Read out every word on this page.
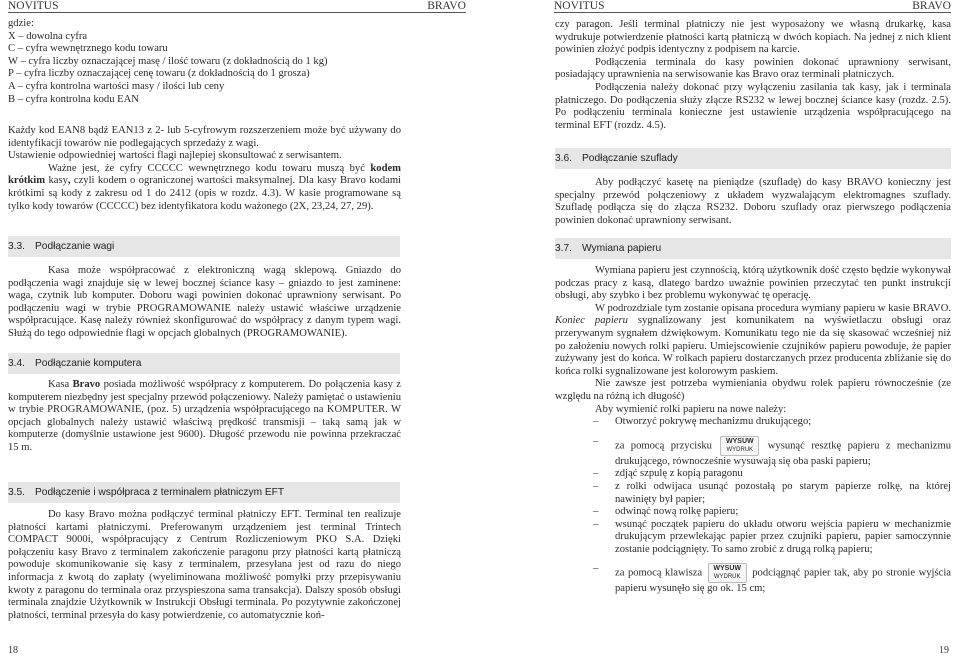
NOVITUS	BRAVO

gdzie:

X – dowolna cyfra

C – cyfra wewnętrznego kodu towaru

W – cyfra liczby oznaczającej masę / ilość towaru (z dokładnością do 1 kg)

P – cyfra liczby oznaczającej cenę towaru (z dokładnością do 1 grosza)

A – cyfra kontrolna wartości masy / ilości lub ceny

B – cyfra kontrolna kodu EAN

Każdy kod EAN8 bądź EAN13 z 2- lub 5-cyfrowym rozszerzeniem może być używany do identyfikacji towarów nie podlegających sprzedaży z wagi.

Ustawienie odpowiedniej wartości flagi najlepiej skonsultować z serwisantem.

Ważne jest, że cyfry CCCCC wewnętrznego kodu towaru muszą być kodem krótkim kasy, czyli kodem o ograniczonej wartości maksymalnej. Dla kasy Bravo kodami krótkimi są kody z zakresu od 1 do 2412 (opis w rozdz. 4.3). W kasie programowane są tylko kody towarów (CCCCC) bez identyfikatora kodu ważonego (2X, 23,24, 27, 29).

3.3. Podłączanie wagi

Kasa może współpracować z elektroniczną wagą sklepową. Gniazdo do podłączenia wagi znajduje się w lewej bocznej ściance kasy – gniazdo to jest zaminene: waga, czytnik lub komputer. Doboru wagi powinien dokonać uprawniony serwisant. Po podłączeniu wagi w trybie PROGRAMOWANIE należy ustawić właściwe urządzenie współpracujące. Kasę należy również skonfigurować do współpracy z danym typem wagi. Służą do tego odpowiednie flagi w opcjach globalnych (PROGRAMOWANIE).

3.4. Podłączanie komputera

Kasa Bravo posiada możliwość współpracy z komputerem. Do połączenia kasy z komputerem niezbędny jest specjalny przewód połączeniowy. Należy pamiętać o ustawieniu w trybie PROGRAMOWANIE, (poz. 5) urządzenia współpracującego na KOMPUTER. W opcjach globalnych należy ustawić właściwą prędkość transmisji – taką samą jak w komputerze (domyślnie ustawione jest 9600). Długość przewodu nie powinna przekraczać 15 m.

3.5. Podłączenie i współpraca z terminalem płatniczym EFT

Do kasy Bravo można podłączyć terminal płatniczy EFT. Terminal ten realizuje płatności kartami płatniczymi. Preferowanym urządzeniem jest terminal Trintech COMPACT 9000i, współpracujący z Centrum Rozliczeniowym PKO S.A. Dzięki połączeniu kasy Bravo z terminalem zakończenie paragonu przy płatności kartą płatniczą powoduje skomunikowanie się kasy z terminalem, przesyłana jest od razu do niego informacja z kwotą do zapłaty (wyeliminowana możliwość pomyłki przy przepisywaniu kwoty z paragonu do terminala oraz przyspieszona sama transakcja). Dalszy sposób obsługi terminala znajdzie Użytkownik w Instrukcji Obsługi terminala. Po pozytywnie zakończonej płatności, terminal przesyła do kasy potwierdzenie, co automatycznie koń-

18
NOVITUS	BRAVO

czy paragon. Jeśli terminal płatniczy nie jest wyposażony we własną drukarkę, kasa wydrukuje potwierdzenie płatności kartą płatniczą w dwóch kopiach. Na jednej z nich klient powinien złożyć podpis identyczny z podpisem na karcie.

Podłączenia terminala do kasy powinien dokonać uprawniony serwisant, posiadający uprawnienia na serwisowanie kas Bravo oraz terminali płatniczych.

Podłączenia należy dokonać przy wyłączeniu zasilania tak kasy, jak i terminala płatniczego. Do podłączenia służy złącze RS232 w lewej bocznej ściance kasy (rozdz. 2.5). Po podłączeniu terminala konieczne jest ustawienie urządzenia współpracującego na terminal EFT (rozdz. 4.5).

3.6. Podłączanie szuflady

Aby podłączyć kasetę na pieniądze (szufladę) do kasy BRAVO konieczny jest specjalny przewód połączeniowy z układem wyzwalającym elektromagnes szuflady. Szufladę podłącza się do złącza RS232. Doboru szuflady oraz pierwszego podłączenia powinien dokonać uprawniony serwisant.

3.7. Wymiana papieru

Wymiana papieru jest czynnością, którą użytkownik dość często będzie wykonywał podczas pracy z kasą, dlatego bardzo uważnie powinien przeczytać ten punkt instrukcji obsługi, aby szybko i bez problemu wykonywać tę operację.

W podrozdziale tym zostanie opisana procedura wymiany papieru w kasie BRAVO. Koniec papieru sygnalizowany jest komunikatem na wyświetlaczu obsługi oraz przerywanym sygnałem dźwiękowym. Komunikatu tego nie da się skasować wcześniej niż po założeniu nowych rolki papieru. Umiejscowienie czujników papieru powoduje, że papier zużywany jest do końca. W rolkach papieru dostarczanych przez producenta zbliżanie się do końca rolki sygnalizowane jest kolorowym paskiem.

Nie zawsze jest potrzeba wymieniania obydwu rolek papieru równocześnie (ze względu na różną ich długość)

Aby wymienić rolki papieru na nowe należy:

– Otworzyć pokrywę mechanizmu drukującego;
– za pomocą przycisku	WYSUW
WYDRUK wysunąć resztkę papieru z mechanizmu drukującego, równocześnie wysuwają się oba paski papieru;
– zdjąć szpulę z kopią paragonu
– z rolki odwijaca usunąć pozostałą po starym papierze rolkę, na której nawinięty był papier;
– odwinąć nową rolkę papieru;
– wsunąć początek papieru do układu otworu wejścia papieru w mechanizmie drukującym przewlekając papier przez czujniki papieru, papier samoczynnie zostanie podciągnięty. To samo zrobić z drugą rolką papieru;
– za pomocą klawisza	WYSUW
WYDRUK podciągnąć papier tak, aby po stronie wyjścia papieru wysunęło się go ok. 15 cm;
19
